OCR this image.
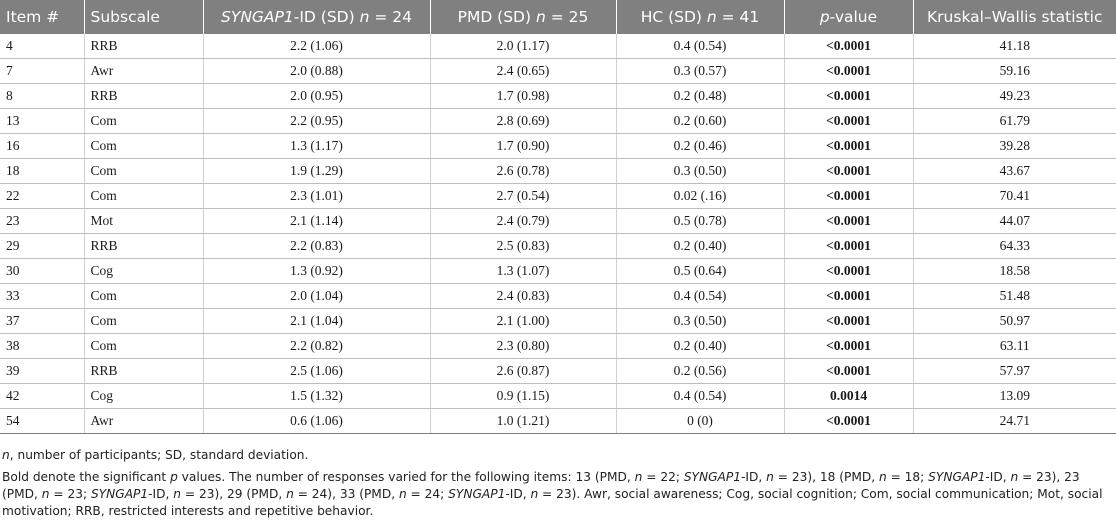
Item #	Subscale	SYNGAP1-ID (SD) n = 24	PMD (SD) n = 25	HC (SD) n = 41	p-value	Kruskal–Wallis statistic
4	RRB	2.2 (1.06)	2.0 (1.17)	0.4 (0.54)	<0.0001	41.18
7	Awr	2.0 (0.88)	2.4 (0.65)	0.3 (0.57)	<0.0001	59.16
8	RRB	2.0 (0.95)	1.7 (0.98)	0.2 (0.48)	<0.0001	49.23
13	Com	2.2 (0.95)	2.8 (0.69)	0.2 (0.60)	<0.0001	61.79
16	Com	1.3 (1.17)	1.7 (0.90)	0.2 (0.46)	<0.0001	39.28
18	Com	1.9 (1.29)	2.6 (0.78)	0.3 (0.50)	<0.0001	43.67
22	Com	2.3 (1.01)	2.7 (0.54)	0.02 (.16)	<0.0001	70.41
23	Mot	2.1 (1.14)	2.4 (0.79)	0.5 (0.78)	<0.0001	44.07
29	RRB	2.2 (0.83)	2.5 (0.83)	0.2 (0.40)	<0.0001	64.33
30	Cog	1.3 (0.92)	1.3 (1.07)	0.5 (0.64)	<0.0001	18.58
33	Com	2.0 (1.04)	2.4 (0.83)	0.4 (0.54)	<0.0001	51.48
37	Com	2.1 (1.04)	2.1 (1.00)	0.3 (0.50)	<0.0001	50.97
38	Com	2.2 (0.82)	2.3 (0.80)	0.2 (0.40)	<0.0001	63.11
39	RRB	2.5 (1.06)	2.6 (0.87)	0.2 (0.56)	<0.0001	57.97
42	Cog	1.5 (1.32)	0.9 (1.15)	0.4 (0.54)	0.0014	13.09
54	Awr	0.6 (1.06)	1.0 (1.21)	0 (0)	<0.0001	24.71

n, number of participants; SD, standard deviation.

Bold denote the significant p values. The number of responses varied for the following items: 13 (PMD, n = 22; SYNGAP1-ID, n = 23), 18 (PMD, n = 18; SYNGAP1-ID, n = 23), 23 (PMD, n = 23; SYNGAP1-ID, n = 23), 29 (PMD, n = 24), 33 (PMD, n = 24; SYNGAP1-ID, n = 23). Awr, social awareness; Cog, social cognition; Com, social communication; Mot, social motivation; RRB, restricted interests and repetitive behavior.
